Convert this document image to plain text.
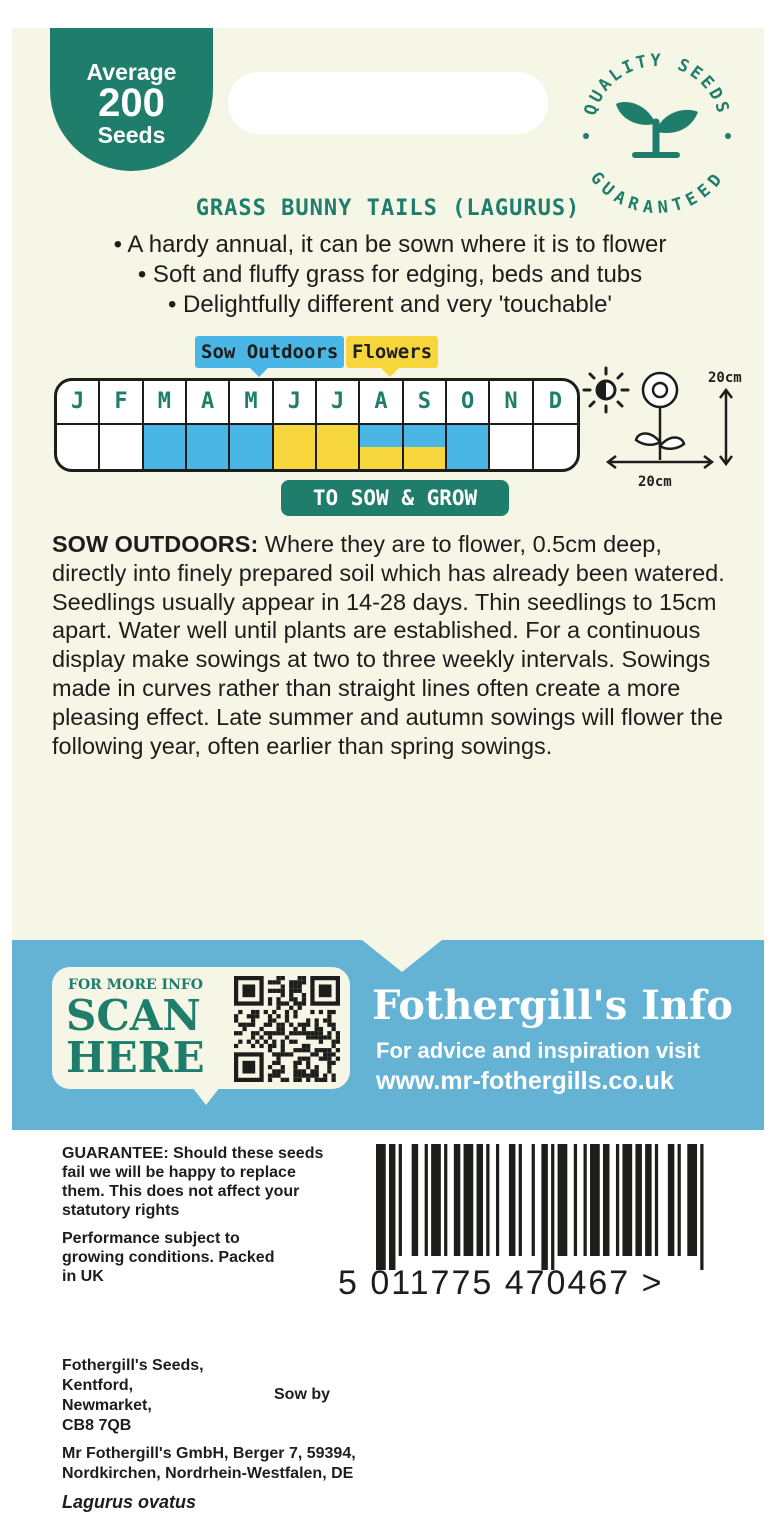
Average
200
Seeds
QUALITY SEEDS
GUARANTEED
GRASS BUNNY TAILS (LAGURUS)
• A hardy annual, it can be sown where it is to flower
• Soft and fluffy grass for edging, beds and tubs
• Delightfully different and very 'touchable'
Sow Outdoors Flowers
J	F	M	A	M	J	J	A	S	O	N	D
20cm
20cm
TO SOW & GROW
SOW OUTDOORS: Where they are to flower, 0.5cm deep, directly into finely prepared soil which has already been watered. Seedlings usually appear in 14-28 days. Thin seedlings to 15cm apart. Water well until plants are established. For a continuous display make sowings at two to three weekly intervals. Sowings made in curves rather than straight lines often create a more pleasing effect. Late summer and autumn sowings will flower the following year, often earlier than spring sowings.
FOR MORE INFO
SCAN
HERE
Fothergill's Info
For advice and inspiration visit
www.mr-fothergills.co.uk
GUARANTEE: Should these seeds fail we will be happy to replace them. This does not affect your statutory rights
Performance subject to growing conditions. Packed in UK	5 011775 470467 >
Fothergill's Seeds,
Kentford,
Newmarket,
CB8 7QB
Sow by
Mr Fothergill's GmbH, Berger 7, 59394,
Nordkirchen, Nordrhein-Westfalen, DE
Lagurus ovatus
